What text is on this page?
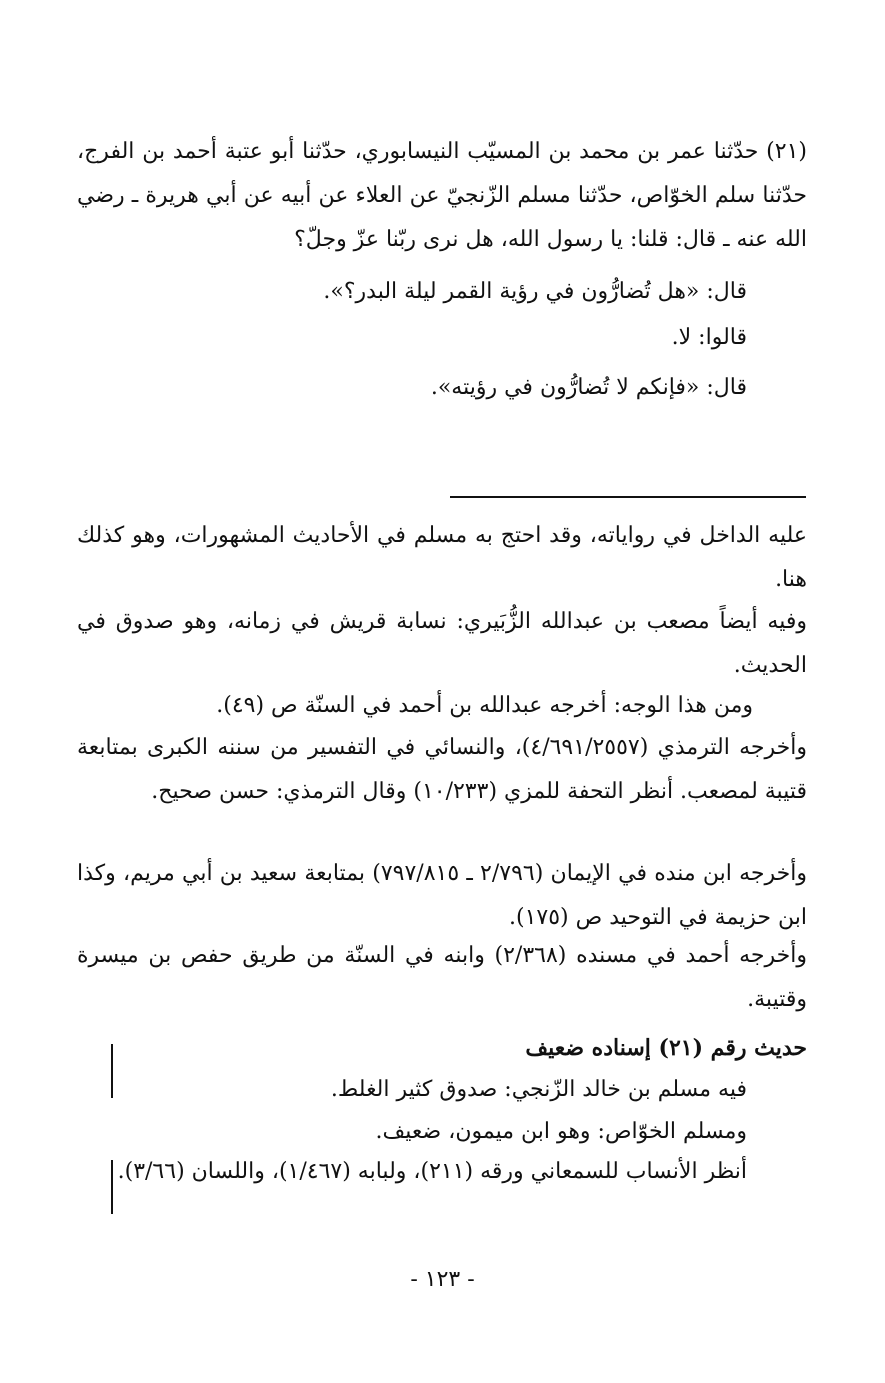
(٢١) حدّثنا عمر بن محمد بن المسيّب النيسابوري، حدّثنا أبو عتبة أحمد بن الفرج، حدّثنا سلم الخوّاص، حدّثنا مسلم الزّنجيّ عن العلاء عن أبيه عن أبي هريرة ـ رضي الله عنه ـ قال: قلنا: يا رسول الله، هل نرى ربّنا عزّ وجلّ؟
قال: «هل تُضارُّون في رؤية القمر ليلة البدر؟».
قالوا: لا.
قال: «فإنكم لا تُضارُّون في رؤيته».
عليه الداخل في رواياته، وقد احتج به مسلم في الأحاديث المشهورات، وهو كذلك هنا.
وفيه أيضاً مصعب بن عبدالله الزُّبَيري: نسابة قريش في زمانه، وهو صدوق في الحديث.
ومن هذا الوجه: أخرجه عبدالله بن أحمد في السنّة ص (٤٩).
وأخرجه الترمذي (٤/٦٩١/٢٥٥٧)، والنسائي في التفسير من سننه الكبرى بمتابعة قتيبة لمصعب. أنظر التحفة للمزي (١٠/٢٣٣) وقال الترمذي: حسن صحيح.
وأخرجه ابن منده في الإيمان (٢/٧٩٦ ـ ٧٩٧/٨١٥) بمتابعة سعيد بن أبي مريم، وكذا ابن حزيمة في التوحيد ص (١٧٥).
وأخرجه أحمد في مسنده (٢/٣٦٨) وابنه في السنّة من طريق حفص بن ميسرة وقتيبة.
حديث رقم (٢١) إسناده ضعيف
فيه مسلم بن خالد الزّنجي: صدوق كثير الغلط.
ومسلم الخوّاص: وهو ابن ميمون، ضعيف.
أنظر الأنساب للسمعاني ورقه (٢١١)، ولبابه (١/٤٦٧)، واللسان (٣/٦٦).
- ١٢٣ -
